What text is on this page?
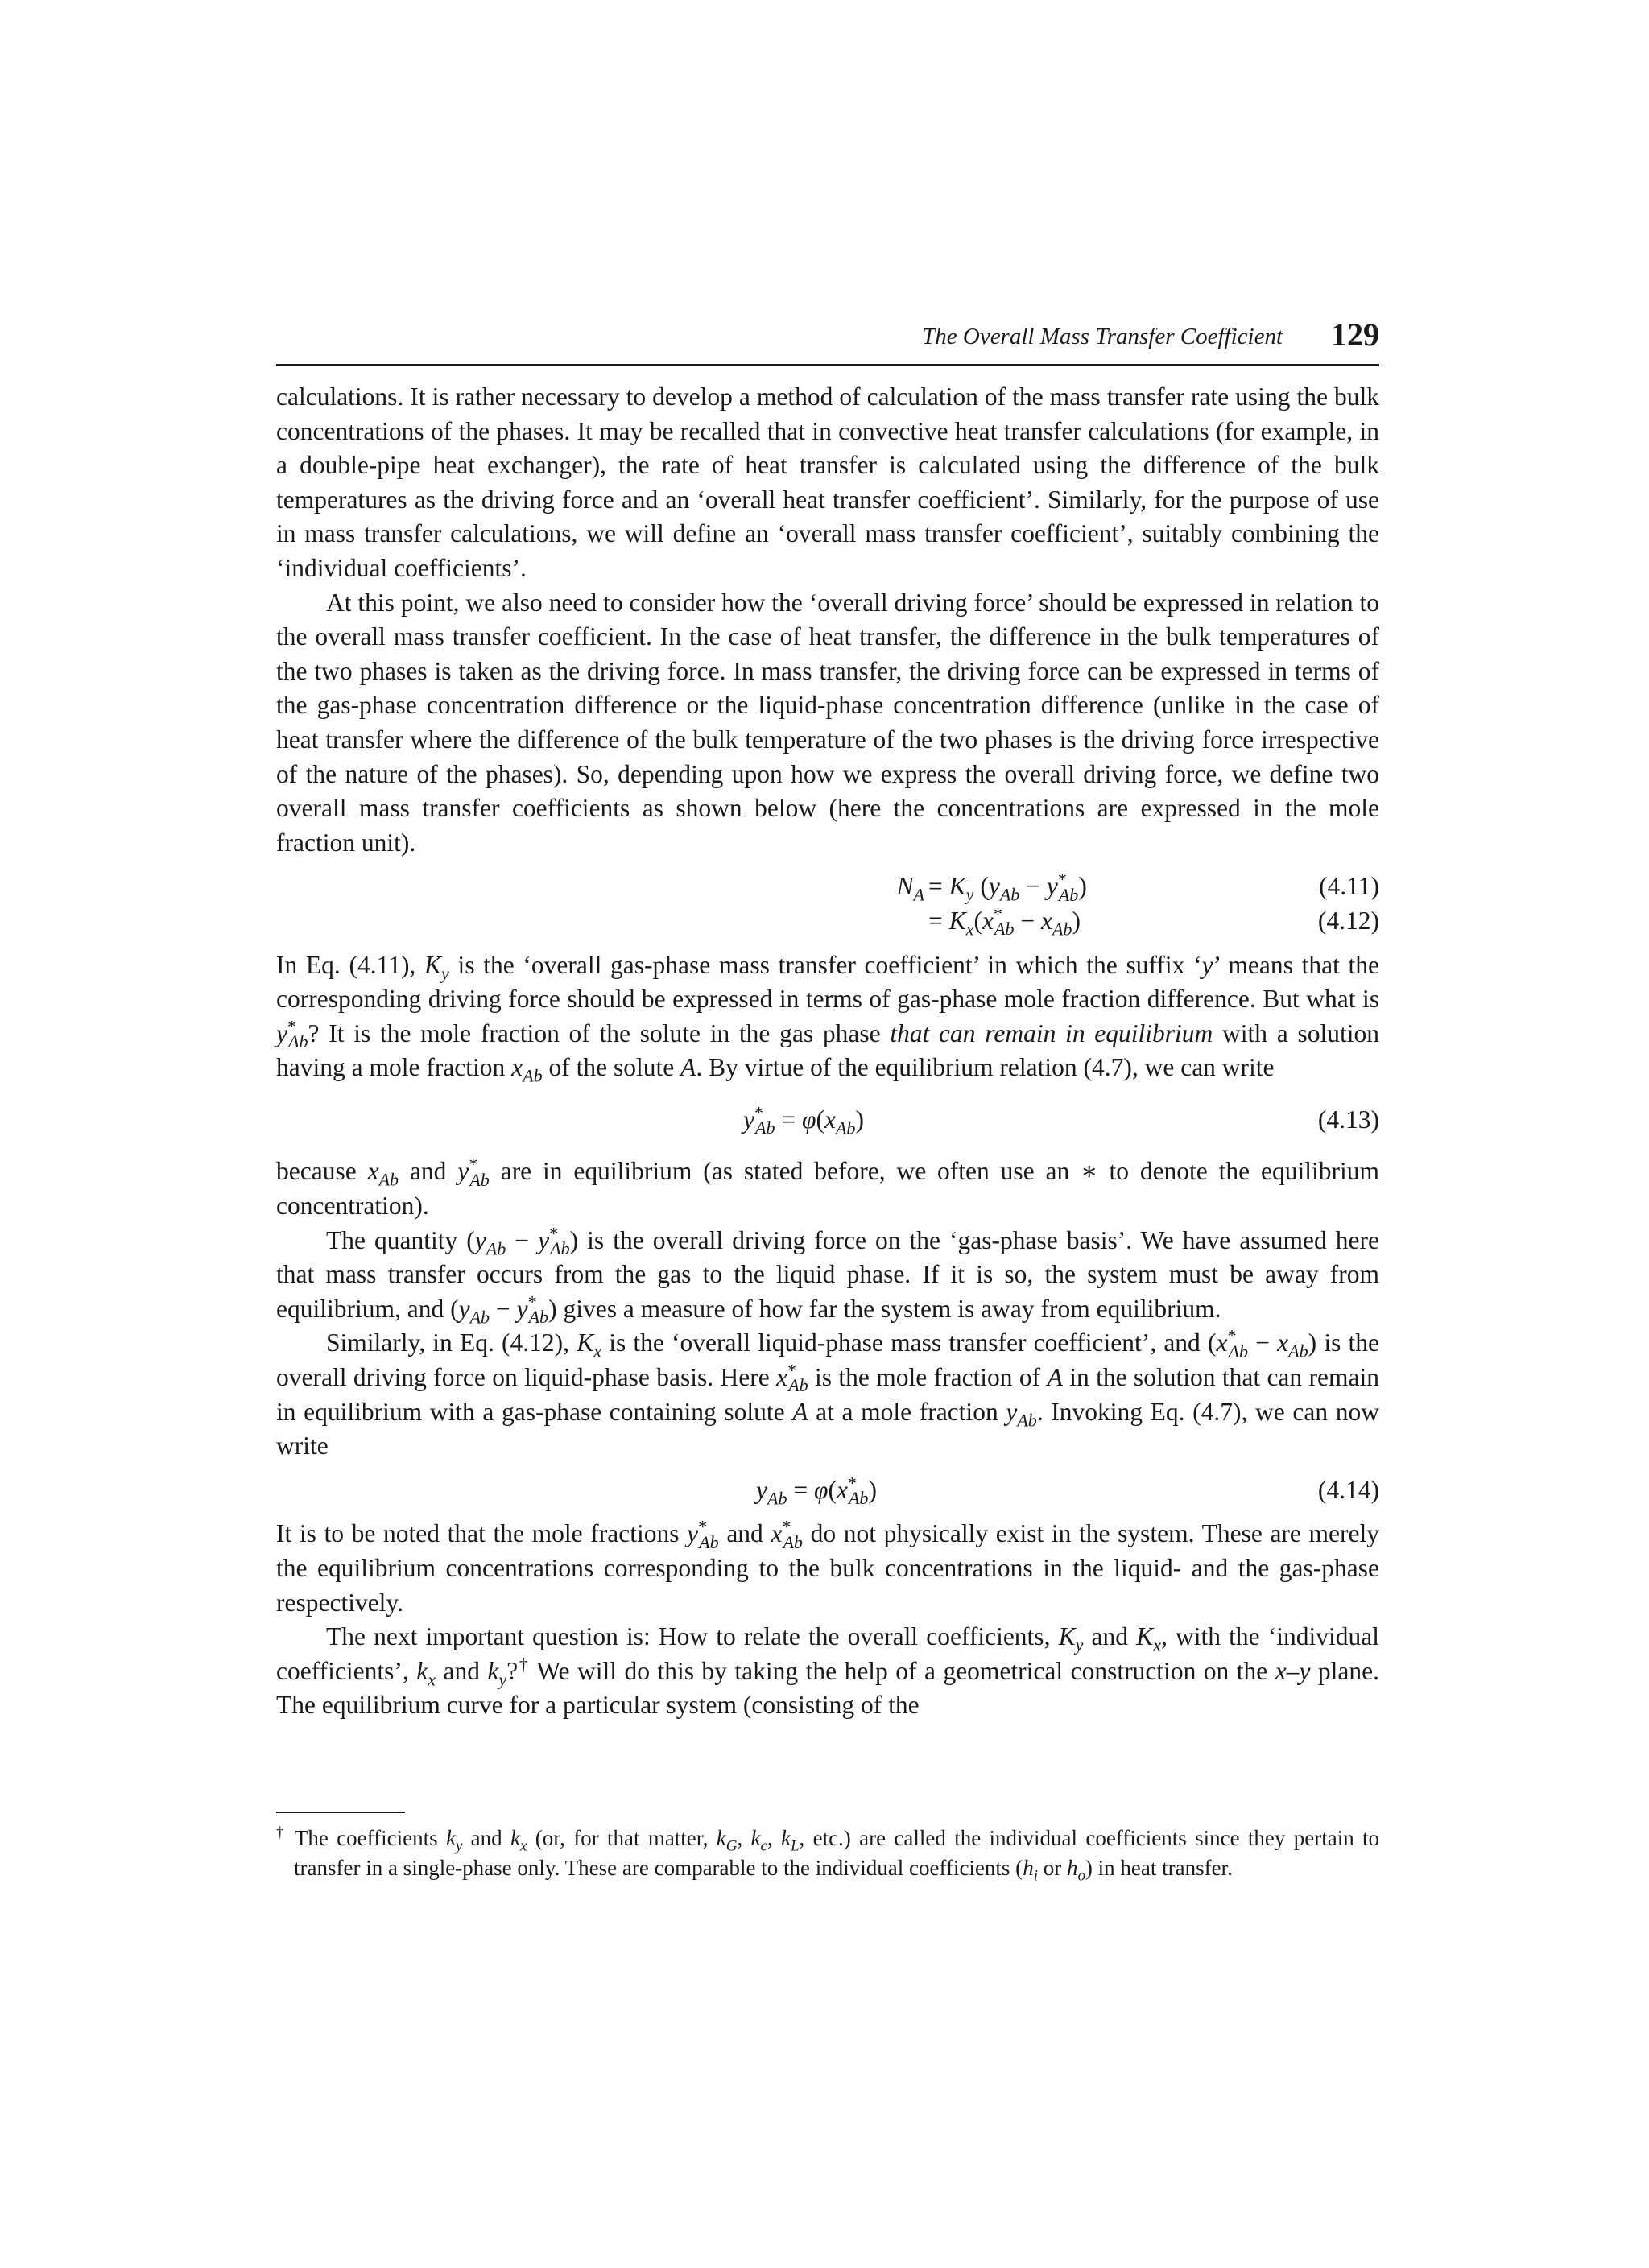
The Overall Mass Transfer Coefficient 129

calculations. It is rather necessary to develop a method of calculation of the mass transfer rate using the bulk concentrations of the phases. It may be recalled that in convective heat transfer calculations (for example, in a double-pipe heat exchanger), the rate of heat transfer is calculated using the difference of the bulk temperatures as the driving force and an ‘overall heat transfer coefficient’. Similarly, for the purpose of use in mass transfer calculations, we will define an ‘overall mass transfer coefficient’, suitably combining the ‘individual coefficients’.

At this point, we also need to consider how the ‘overall driving force’ should be expressed in relation to the overall mass transfer coefficient. In the case of heat transfer, the difference in the bulk temperatures of the two phases is taken as the driving force. In mass transfer, the driving force can be expressed in terms of the gas-phase concentration difference or the liquid-phase concentration difference (unlike in the case of heat transfer where the difference of the bulk temperature of the two phases is the driving force irrespective of the nature of the phases). So, depending upon how we express the overall driving force, we define two overall mass transfer coefficients as shown below (here the concentrations are expressed in the mole fraction unit).

$N_A = K_y$ $(y_{Ab} - y^*_{Ab})$	(4.11)
= $K_x(x^*_{Ab} - x_{Ab})$	(4.12)

In Eq. (4.11), $K_y$ is the ‘overall gas-phase mass transfer coefficient’ in which the suffix ‘y’ means that the corresponding driving force should be expressed in terms of gas-phase mole fraction difference. But what is $y^*_{Ab}$? It is the mole fraction of the solute in the gas phase that can remain in equilibrium with a solution having a mole fraction $x_{Ab}$ of the solute A. By virtue of the equilibrium relation (4.7), we can write

$y^*_{Ab} = \varphi(x_{Ab})$	(4.13)

because $x_{Ab}$ and $y^*_{Ab}$ are in equilibrium (as stated before, we often use an ∗ to denote the equilibrium concentration).

The quantity $(y_{Ab} - y^*_{Ab})$ is the overall driving force on the ‘gas-phase basis’. We have assumed here that mass transfer occurs from the gas to the liquid phase. If it is so, the system must be away from equilibrium, and $(y_{Ab} - y^*_{Ab})$ gives a measure of how far the system is away from equilibrium.

Similarly, in Eq. (4.12), $K_x$ is the ‘overall liquid-phase mass transfer coefficient’, and $(x^*_{Ab} - x_{Ab})$ is the overall driving force on liquid-phase basis. Here $x^*_{Ab}$ is the mole fraction of A in the solution that can remain in equilibrium with a gas-phase containing solute A at a mole fraction $y_{Ab}$. Invoking Eq. (4.7), we can now write

$y_{Ab} = \varphi(x^*_{Ab})$	(4.14)

It is to be noted that the mole fractions $y^*_{Ab}$ and $x^*_{Ab}$ do not physically exist in the system. These are merely the equilibrium concentrations corresponding to the bulk concentrations in the liquid- and the gas-phase respectively.

The next important question is: How to relate the overall coefficients, $K_y$ and $K_x$, with the ‘individual coefficients’, $k_x$ and $k_y?^\dagger$ We will do this by taking the help of a geometrical construction on the x–y plane. The equilibrium curve for a particular system (consisting of the

† The coefficients $k_y$ and $k_x$ (or, for that matter, $k_G$, $k_c$, $k_L$, etc.) are called the individual coefficients since they pertain to transfer in a single-phase only. These are comparable to the individual coefficients ($h_i$ or $h_o$) in heat transfer.
